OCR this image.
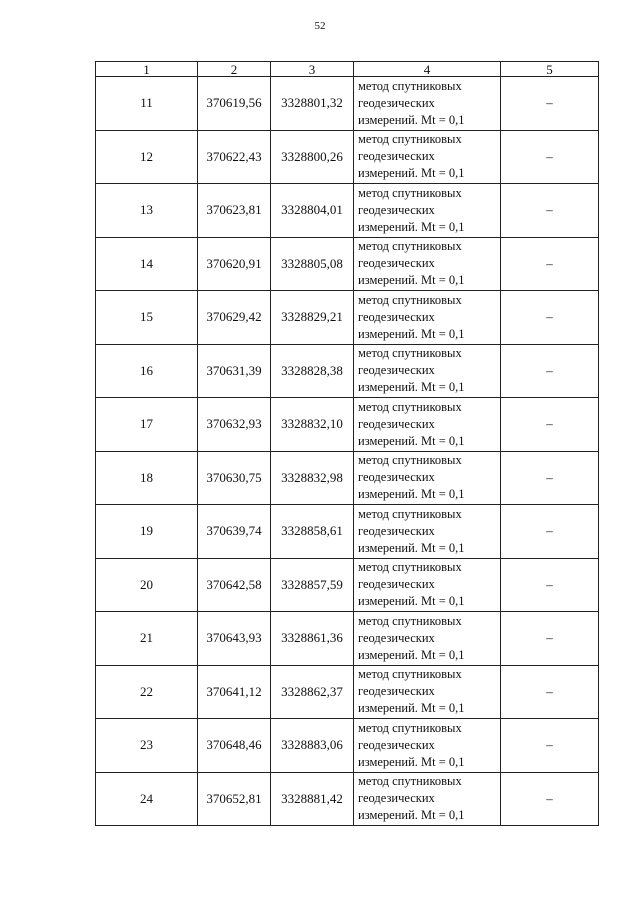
52
1	2	3	4	5
11	370619,56	3328801,32	метод спутниковых
геодезических
измерений. Mt = 0,1	–
12	370622,43	3328800,26	метод спутниковых
геодезических
измерений. Mt = 0,1	–
13	370623,81	3328804,01	метод спутниковых
геодезических
измерений. Mt = 0,1	–
14	370620,91	3328805,08	метод спутниковых
геодезических
измерений. Mt = 0,1	–
15	370629,42	3328829,21	метод спутниковых
геодезических
измерений. Mt = 0,1	–
16	370631,39	3328828,38	метод спутниковых
геодезических
измерений. Mt = 0,1	–
17	370632,93	3328832,10	метод спутниковых
геодезических
измерений. Mt = 0,1	–
18	370630,75	3328832,98	метод спутниковых
геодезических
измерений. Mt = 0,1	–
19	370639,74	3328858,61	метод спутниковых
геодезических
измерений. Mt = 0,1	–
20	370642,58	3328857,59	метод спутниковых
геодезических
измерений. Mt = 0,1	–
21	370643,93	3328861,36	метод спутниковых
геодезических
измерений. Mt = 0,1	–
22	370641,12	3328862,37	метод спутниковых
геодезических
измерений. Mt = 0,1	–
23	370648,46	3328883,06	метод спутниковых
геодезических
измерений. Mt = 0,1	–
24	370652,81	3328881,42	метод спутниковых
геодезических
измерений. Mt = 0,1	–
